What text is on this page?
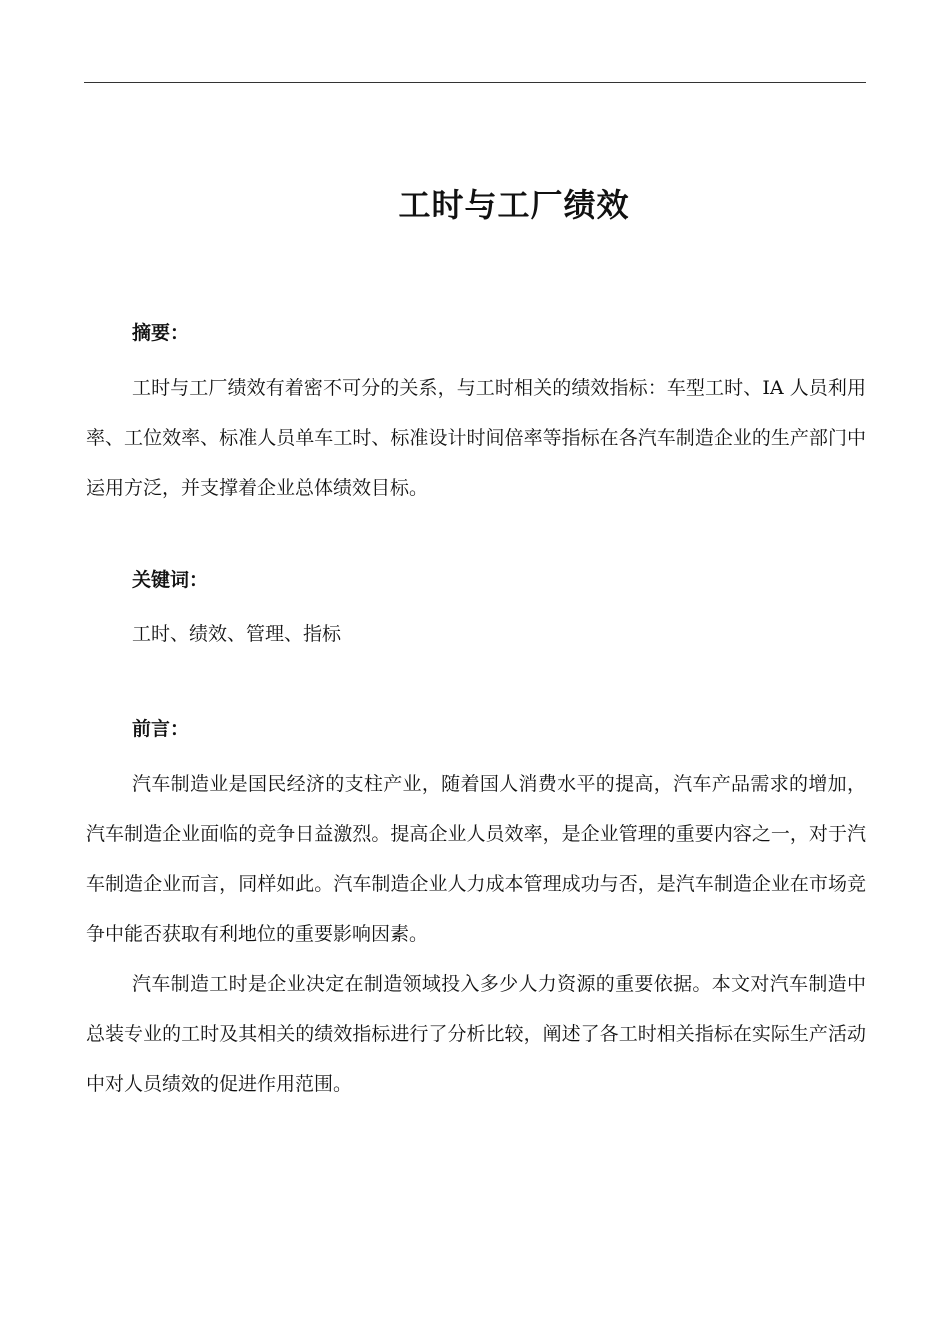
工时与工厂绩效
摘要：

工时与工厂绩效有着密不可分的关系，与工时相关的绩效指标：车型工时、IA 人员利用率、工位效率、标准人员单车工时、标准设计时间倍率等指标在各汽车制造企业的生产部门中运用方泛，并支撑着企业总体绩效目标。

关键词：

工时、绩效、管理、指标

前言：

汽车制造业是国民经济的支柱产业，随着国人消费水平的提高，汽车产品需求的增加，汽车制造企业面临的竞争日益激烈。提高企业人员效率，是企业管理的重要内容之一，对于汽车制造企业而言，同样如此。汽车制造企业人力成本管理成功与否，是汽车制造企业在市场竞争中能否获取有利地位的重要影响因素。

汽车制造工时是企业决定在制造领域投入多少人力资源的重要依据。本文对汽车制造中总装专业的工时及其相关的绩效指标进行了分析比较，阐述了各工时相关指标在实际生产活动中对人员绩效的促进作用范围。
